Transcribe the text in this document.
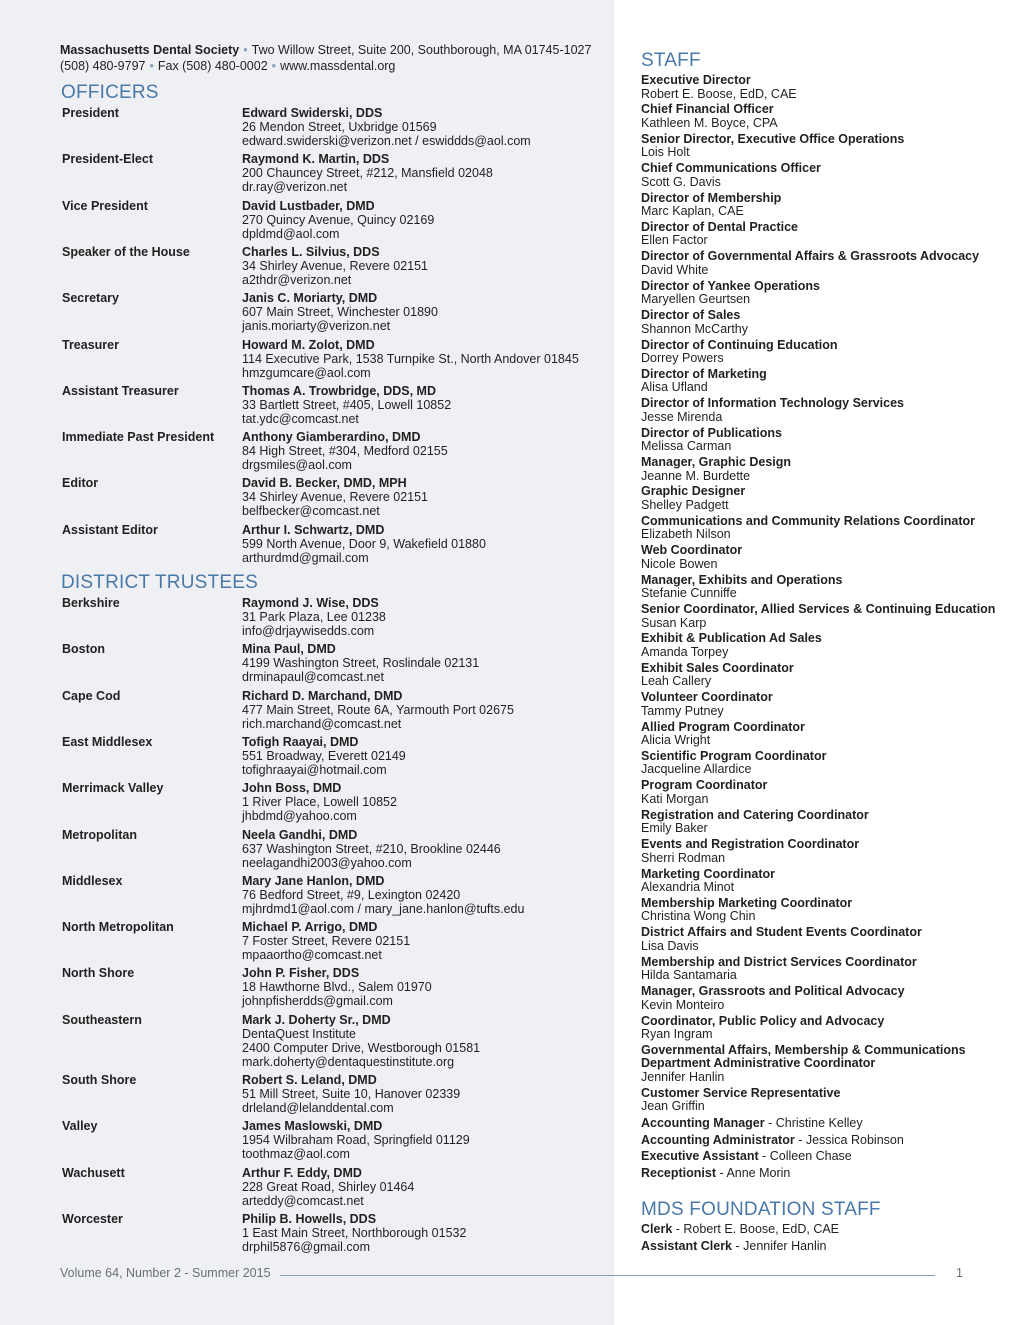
Massachusetts Dental Society • Two Willow Street, Suite 200, Southborough, MA 01745-1027
(508) 480-9797 • Fax (508) 480-0002 • www.massdental.org
OFFICERS
President	Edward Swiderski, DDS
26 Mendon Street, Uxbridge 01569
edward.swiderski@verizon.net / eswiddds@aol.com
President-Elect	Raymond K. Martin, DDS
200 Chauncey Street, #212, Mansfield 02048
dr.ray@verizon.net
Vice President	David Lustbader, DMD
270 Quincy Avenue, Quincy 02169
dpldmd@aol.com
Speaker of the House	Charles L. Silvius, DDS
34 Shirley Avenue, Revere 02151
a2thdr@verizon.net
Secretary	Janis C. Moriarty, DMD
607 Main Street, Winchester 01890
janis.moriarty@verizon.net
Treasurer	Howard M. Zolot, DMD
114 Executive Park, 1538 Turnpike St., North Andover 01845
hmzgumcare@aol.com
Assistant Treasurer	Thomas A. Trowbridge, DDS, MD
33 Bartlett Street, #405, Lowell 10852
tat.ydc@comcast.net
Immediate Past President	Anthony Giamberardino, DMD
84 High Street, #304, Medford 02155
drgsmiles@aol.com
Editor	David B. Becker, DMD, MPH
34 Shirley Avenue, Revere 02151
belfbecker@comcast.net
Assistant Editor	Arthur I. Schwartz, DMD
599 North Avenue, Door 9, Wakefield 01880
arthurdmd@gmail.com
DISTRICT TRUSTEES
Berkshire	Raymond J. Wise, DDS
31 Park Plaza, Lee 01238
info@drjaywisedds.com
Boston	Mina Paul, DMD
4199 Washington Street, Roslindale 02131
drminapaul@comcast.net
Cape Cod	Richard D. Marchand, DMD
477 Main Street, Route 6A, Yarmouth Port 02675
rich.marchand@comcast.net
East Middlesex	Tofigh Raayai, DMD
551 Broadway, Everett 02149
tofighraayai@hotmail.com
Merrimack Valley	John Boss, DMD
1 River Place, Lowell 10852
jhbdmd@yahoo.com
Metropolitan	Neela Gandhi, DMD
637 Washington Street, #210, Brookline 02446
neelagandhi2003@yahoo.com
Middlesex	Mary Jane Hanlon, DMD
76 Bedford Street, #9, Lexington 02420
mjhrdmd1@aol.com / mary_jane.hanlon@tufts.edu
North Metropolitan	Michael P. Arrigo, DMD
7 Foster Street, Revere 02151
mpaaortho@comcast.net
North Shore	John P. Fisher, DDS
18 Hawthorne Blvd., Salem 01970
johnpfisherdds@gmail.com
Southeastern	Mark J. Doherty Sr., DMD
DentaQuest Institute
2400 Computer Drive, Westborough 01581
mark.doherty@dentaquestinstitute.org
South Shore	Robert S. Leland, DMD
51 Mill Street, Suite 10, Hanover 02339
drleland@lelanddental.com
Valley	James Maslowski, DMD
1954 Wilbraham Road, Springfield 01129
toothmaz@aol.com
Wachusett	Arthur F. Eddy, DMD
228 Great Road, Shirley 01464
arteddy@comcast.net
Worcester	Philip B. Howells, DDS
1 East Main Street, Northborough 01532
drphil5876@gmail.com
STAFF
Executive Director
Robert E. Boose, EdD, CAE
Chief Financial Officer
Kathleen M. Boyce, CPA
Senior Director, Executive Office Operations
Lois Holt
Chief Communications Officer
Scott G. Davis
Director of Membership
Marc Kaplan, CAE
Director of Dental Practice
Ellen Factor
Director of Governmental Affairs & Grassroots Advocacy
David White
Director of Yankee Operations
Maryellen Geurtsen
Director of Sales
Shannon McCarthy
Director of Continuing Education
Dorrey Powers
Director of Marketing
Alisa Ufland
Director of Information Technology Services
Jesse Mirenda
Director of Publications
Melissa Carman
Manager, Graphic Design
Jeanne M. Burdette
Graphic Designer
Shelley Padgett
Communications and Community Relations Coordinator
Elizabeth Nilson
Web Coordinator
Nicole Bowen
Manager, Exhibits and Operations
Stefanie Cunniffe
Senior Coordinator, Allied Services & Continuing Education
Susan Karp
Exhibit & Publication Ad Sales
Amanda Torpey
Exhibit Sales Coordinator
Leah Callery
Volunteer Coordinator
Tammy Putney
Allied Program Coordinator
Alicia Wright
Scientific Program Coordinator
Jacqueline Allardice
Program Coordinator
Kati Morgan
Registration and Catering Coordinator
Emily Baker
Events and Registration Coordinator
Sherri Rodman
Marketing Coordinator
Alexandria Minot
Membership Marketing Coordinator
Christina Wong Chin
District Affairs and Student Events Coordinator
Lisa Davis
Membership and District Services Coordinator
Hilda Santamaria
Manager, Grassroots and Political Advocacy
Kevin Monteiro
Coordinator, Public Policy and Advocacy
Ryan Ingram
Governmental Affairs, Membership & Communications
Department Administrative Coordinator
Jennifer Hanlin
Customer Service Representative
Jean Griffin
Accounting Manager - Christine Kelley
Accounting Administrator - Jessica Robinson
Executive Assistant - Colleen Chase
Receptionist - Anne Morin
MDS FOUNDATION STAFF
Clerk - Robert E. Boose, EdD, CAE
Assistant Clerk - Jennifer Hanlin
Volume 64, Number 2 - Summer 2015	1
